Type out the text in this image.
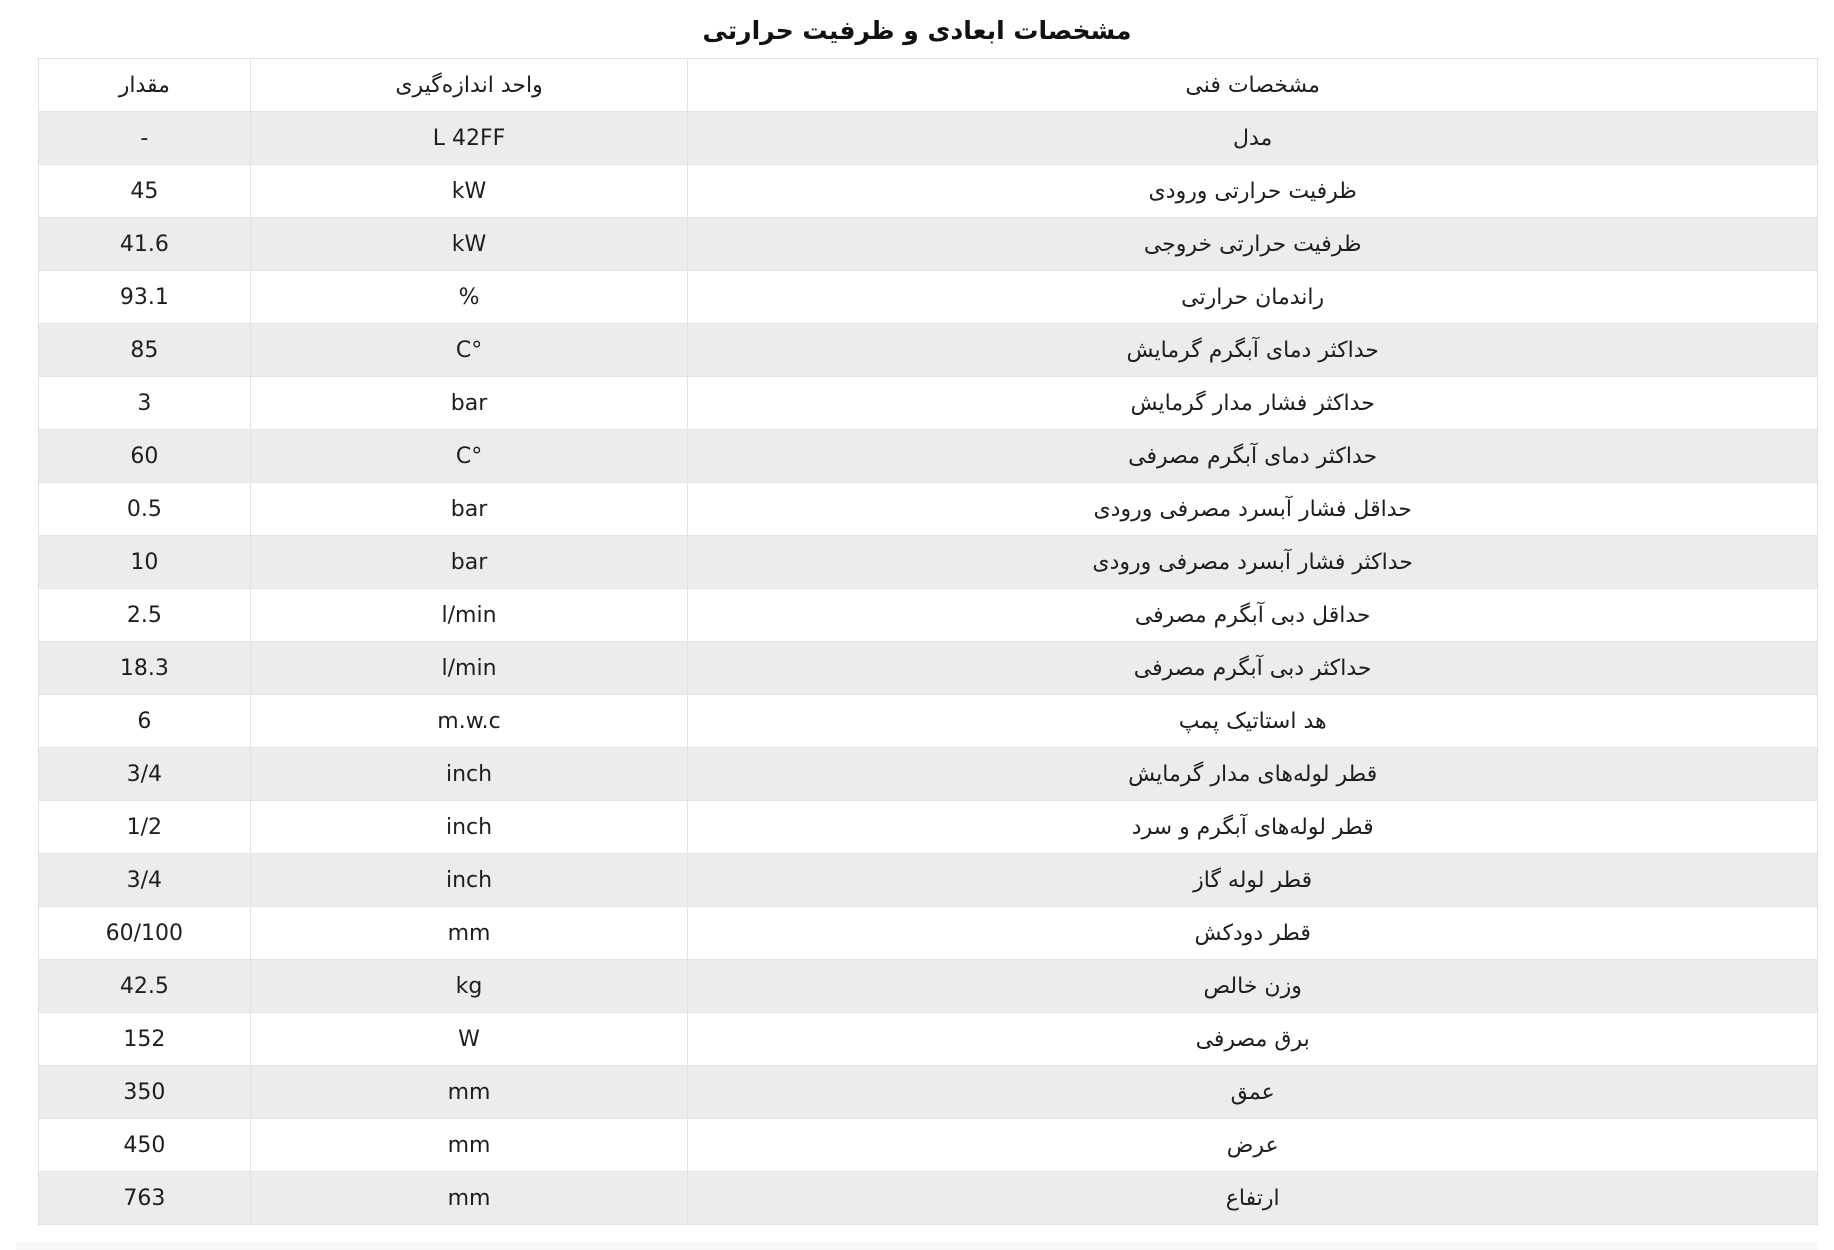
مشخصات ابعادی و ظرفیت حرارتی
مشخصات فنی	واحد اندازه‌گیری	مقدار
مدل	L 42FF	-
ظرفیت حرارتی ورودی	kW	45
ظرفیت حرارتی خروجی	kW	41.6
راندمان حرارتی	%	93.1
حداکثر دمای آبگرم گرمایش	°C	85
حداکثر فشار مدار گرمایش	bar	3
حداکثر دمای آبگرم مصرفی	°C	60
حداقل فشار آبسرد مصرفی ورودی	bar	0.5
حداکثر فشار آبسرد مصرفی ورودی	bar	10
حداقل دبی آبگرم مصرفی	l/min	2.5
حداکثر دبی آبگرم مصرفی	l/min	18.3
هد استاتیک پمپ	m.w.c	6
قطر لوله‌های مدار گرمایش	inch	3/4
قطر لوله‌های آبگرم و سرد	inch	1/2
قطر لوله گاز	inch	3/4
قطر دودکش	mm	60/100
وزن خالص	kg	42.5
برق مصرفی	W	152
عمق	mm	350
عرض	mm	450
ارتفاع	mm	763
